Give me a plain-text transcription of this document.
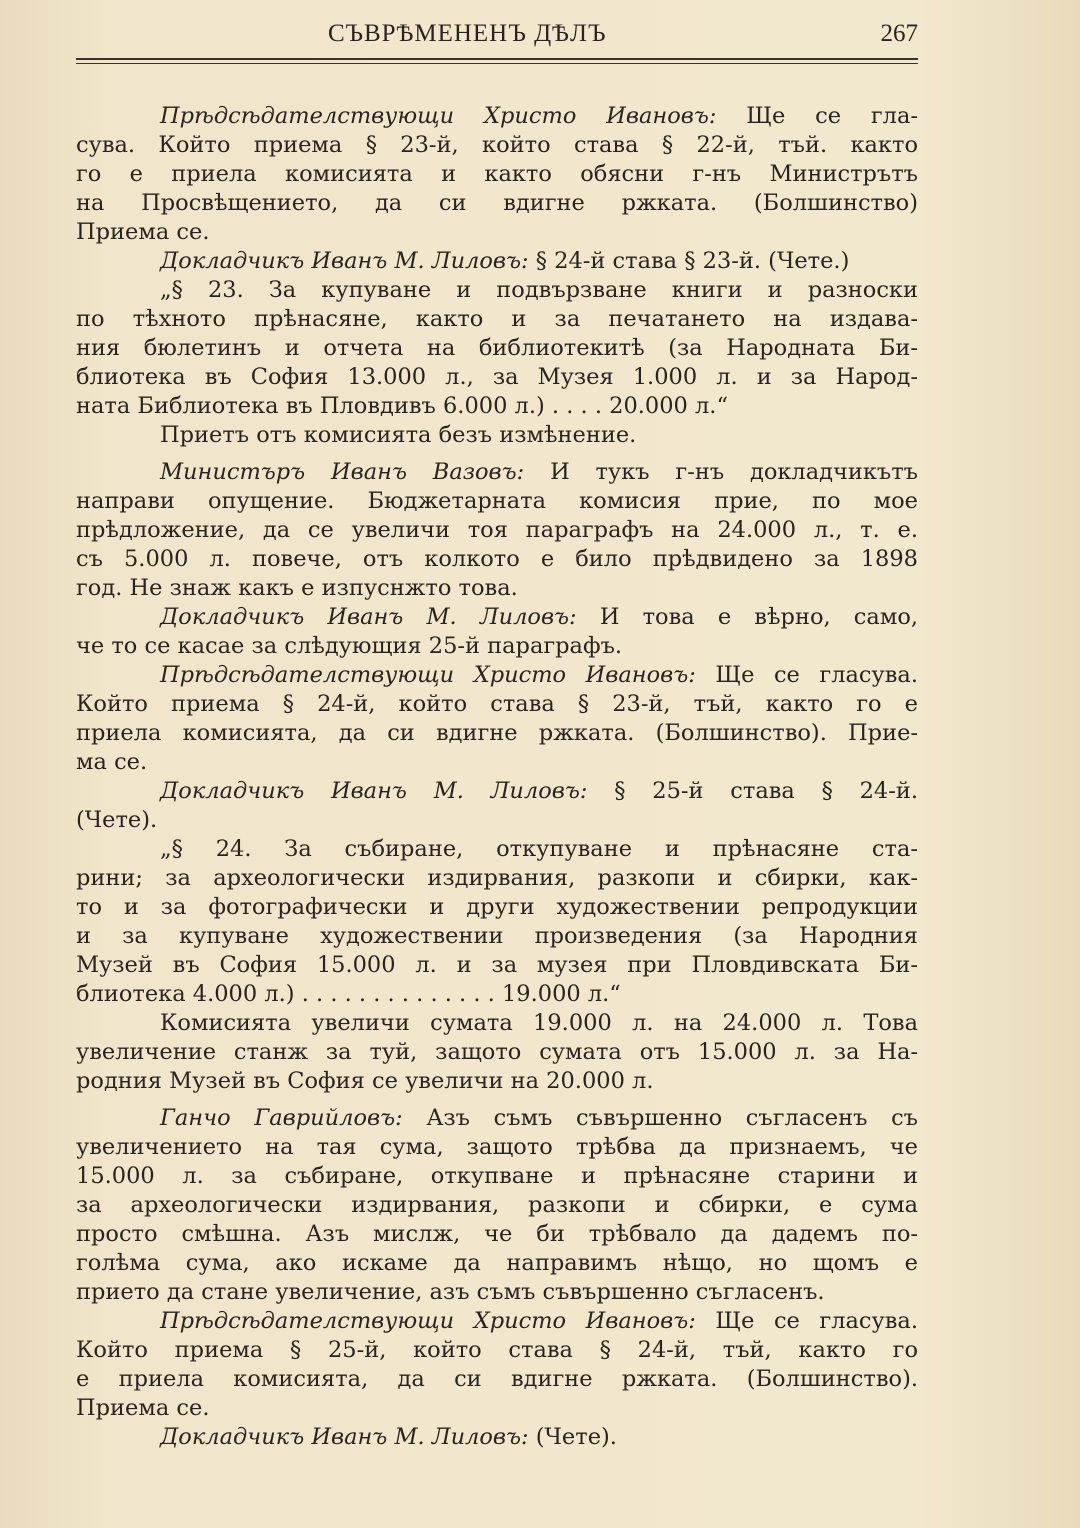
СЪВРѢМЕНЕНЪ ДѢЛЪ	267
Прѣдсѣдателствующи Христо Ивановъ: Ще се гла-
сува. Който приема § 23-й, който става § 22-й, тъй. както
го е приела комисията и както обясни г-нъ Министрътъ
на Просвѣщението, да си вдигне ржката. (Болшинство)
Приема се.
Докладчикъ Иванъ М. Лиловъ: § 24-й става § 23-й. (Чете.)
„§ 23. За купуване и подвързване книги и разноски
по тѣхното прѣнасяне, както и за печатането на издава-
ния бюлетинъ и отчета на библиотекитѣ (за Народната Би-
блиотека въ София 13.000 л., за Музея 1.000 л. и за Народ-
ната Библиотека въ Пловдивъ 6.000 л.) . . . . 20.000 л.“
Приетъ отъ комисията безъ измѣнение.
Министъръ Иванъ Вазовъ: И тукъ г-нъ докладчикътъ
направи опущение. Бюджетарната комисия прие, по мое
прѣдложение, да се увеличи тоя параграфъ на 24.000 л., т. е.
съ 5.000 л. повече, отъ колкото е било прѣдвидено за 1898
год. Не знаж какъ е изпуснжто това.
Докладчикъ Иванъ М. Лиловъ: И това е вѣрно, само,
че то се касае за слѣдующия 25-й параграфъ.
Прѣдсѣдателствующи Христо Ивановъ: Ще се гласува.
Който приема § 24-й, който става § 23-й, тъй, както го е
приела комисията, да си вдигне ржката. (Болшинство). Прие-
ма се.
Докладчикъ Иванъ М. Лиловъ: § 25-й става § 24-й.
(Чете).
„§ 24. За събиране, откупуване и прѣнасяне ста-
рини; за археологически издирвания, разкопи и сбирки, как-
то и за фотографически и други художествении репродукции
и за купуване художествении произведения (за Народния
Музей въ София 15.000 л. и за музея при Пловдивската Би-
блиотека 4.000 л.) . . . . . . . . . . . . . . 19.000 л.“
Комисията увеличи сумата 19.000 л. на 24.000 л. Това
увеличение станж за туй, защото сумата отъ 15.000 л. за На-
родния Музей въ София се увеличи на 20.000 л.
Ганчо Гаврийловъ: Азъ съмъ съвършенно съгласенъ съ
увеличението на тая сума, защото трѣбва да признаемъ, че
15.000 л. за събиране, откупване и прѣнасяне старини и
за археологически издирвания, разкопи и сбирки, е сума
просто смѣшна. Азъ мислж, че би трѣбвало да дадемъ по-
голѣма сума, ако искаме да направимъ нѣщо, но щомъ е
прието да стане увеличение, азъ съмъ съвършенно съгласенъ.
Прѣдсѣдателствующи Христо Ивановъ: Ще се гласува.
Който приема § 25-й, който става § 24-й, тъй, както го
е приела комисията, да си вдигне ржката. (Болшинство).
Приема се.
Докладчикъ Иванъ М. Лиловъ: (Чете).
